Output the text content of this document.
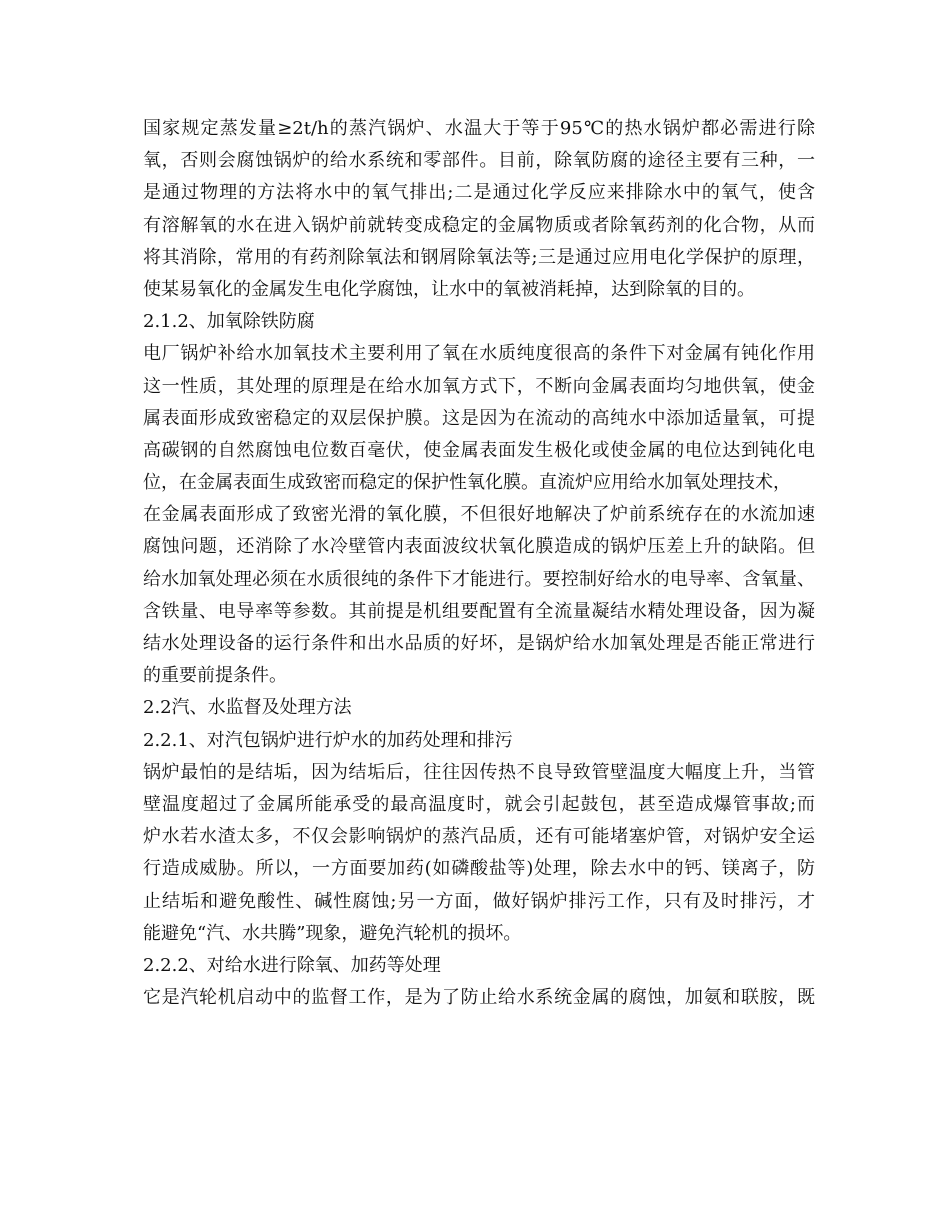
国家规定蒸发量≥2t/h的蒸汽锅炉、水温大于等于95℃的热水锅炉都必需进行除
氧，否则会腐蚀锅炉的给水系统和零部件。目前，除氧防腐的途径主要有三种，一
是通过物理的方法将水中的氧气排出;二是通过化学反应来排除水中的氧气，使含
有溶解氧的水在进入锅炉前就转变成稳定的金属物质或者除氧药剂的化合物，从而
将其消除，常用的有药剂除氧法和钢屑除氧法等;三是通过应用电化学保护的原理，
使某易氧化的金属发生电化学腐蚀，让水中的氧被消耗掉，达到除氧的目的。
2.1.2、加氧除铁防腐
电厂锅炉补给水加氧技术主要利用了氧在水质纯度很高的条件下对金属有钝化作用
这一性质，其处理的原理是在给水加氧方式下，不断向金属表面均匀地供氧，使金
属表面形成致密稳定的双层保护膜。这是因为在流动的高纯水中添加适量氧，可提
高碳钢的自然腐蚀电位数百毫伏，使金属表面发生极化或使金属的电位达到钝化电
位，在金属表面生成致密而稳定的保护性氧化膜。直流炉应用给水加氧处理技术，
在金属表面形成了致密光滑的氧化膜，不但很好地解决了炉前系统存在的水流加速
腐蚀问题，还消除了水冷壁管内表面波纹状氧化膜造成的锅炉压差上升的缺陷。但
给水加氧处理必须在水质很纯的条件下才能进行。要控制好给水的电导率、含氧量、
含铁量、电导率等参数。其前提是机组要配置有全流量凝结水精处理设备，因为凝
结水处理设备的运行条件和出水品质的好坏，是锅炉给水加氧处理是否能正常进行
的重要前提条件。
2.2汽、水监督及处理方法
2.2.1、对汽包锅炉进行炉水的加药处理和排污
锅炉最怕的是结垢，因为结垢后，往往因传热不良导致管壁温度大幅度上升，当管
壁温度超过了金属所能承受的最高温度时，就会引起鼓包，甚至造成爆管事故;而
炉水若水渣太多，不仅会影响锅炉的蒸汽品质，还有可能堵塞炉管，对锅炉安全运
行造成威胁。所以，一方面要加药(如磷酸盐等)处理，除去水中的钙、镁离子，防
止结垢和避免酸性、碱性腐蚀;另一方面，做好锅炉排污工作，只有及时排污，才
能避免“汽、水共腾”现象，避免汽轮机的损坏。
2.2.2、对给水进行除氧、加药等处理
它是汽轮机启动中的监督工作，是为了防止给水系统金属的腐蚀，加氨和联胺，既
